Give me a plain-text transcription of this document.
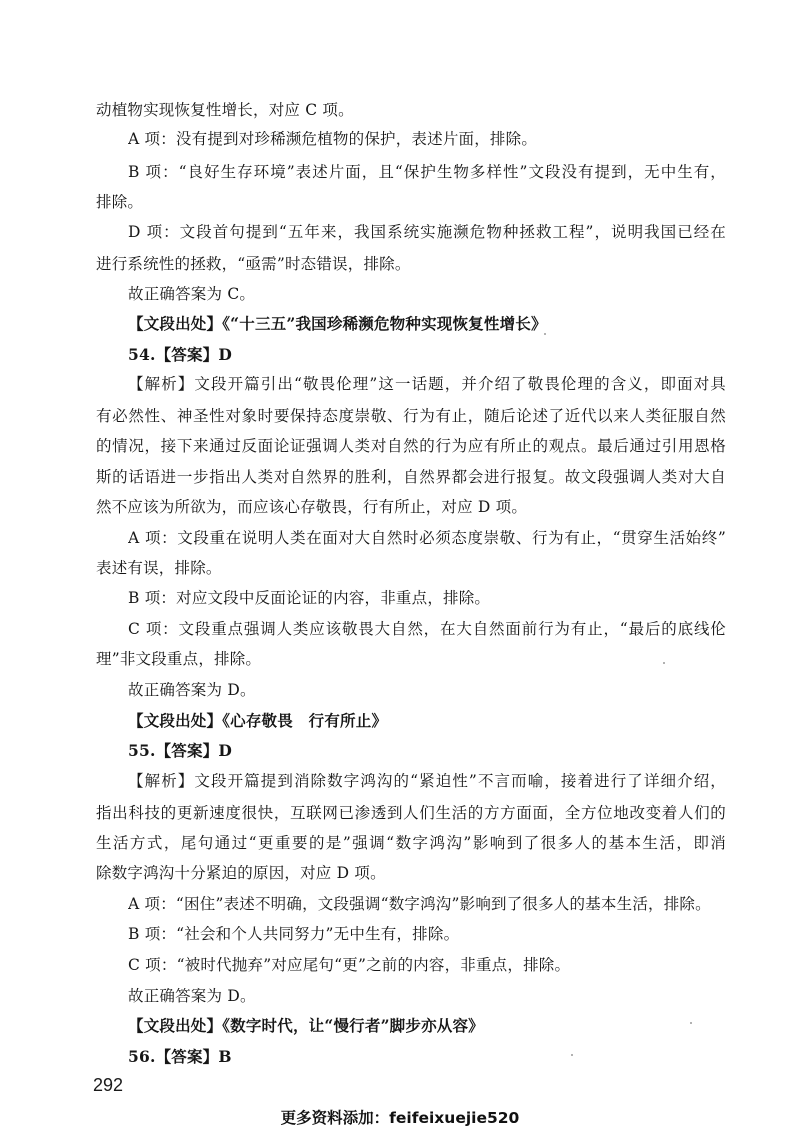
动植物实现恢复性增长，对应 C 项。
A 项：没有提到对珍稀濒危植物的保护，表述片面，排除。
B 项：“良好生存环境”表述片面，且“保护生物多样性”文段没有提到，无中生有，
排除。
D 项：文段首句提到“五年来，我国系统实施濒危物种拯救工程”，说明我国已经在
进行系统性的拯救，“亟需”时态错误，排除。
故正确答案为 C。
【文段出处】《“十三五”我国珍稀濒危物种实现恢复性增长》
54.【答案】D
【解析】文段开篇引出“敬畏伦理”这一话题，并介绍了敬畏伦理的含义，即面对具
有必然性、神圣性对象时要保持态度崇敬、行为有止，随后论述了近代以来人类征服自然
的情况，接下来通过反面论证强调人类对自然的行为应有所止的观点。最后通过引用恩格
斯的话语进一步指出人类对自然界的胜利，自然界都会进行报复。故文段强调人类对大自
然不应该为所欲为，而应该心存敬畏，行有所止，对应 D 项。
A 项：文段重在说明人类在面对大自然时必须态度崇敬、行为有止，“贯穿生活始终”
表述有误，排除。
B 项：对应文段中反面论证的内容，非重点，排除。
C 项：文段重点强调人类应该敬畏大自然，在大自然面前行为有止，“最后的底线伦
理”非文段重点，排除。
故正确答案为 D。
【文段出处】《心存敬畏　行有所止》
55.【答案】D
【解析】文段开篇提到消除数字鸿沟的“紧迫性”不言而喻，接着进行了详细介绍，
指出科技的更新速度很快，互联网已渗透到人们生活的方方面面，全方位地改变着人们的
生活方式，尾句通过“更重要的是”强调“数字鸿沟”影响到了很多人的基本生活，即消
除数字鸿沟十分紧迫的原因，对应 D 项。
A 项：“困住”表述不明确，文段强调“数字鸿沟”影响到了很多人的基本生活，排除。
B 项：“社会和个人共同努力”无中生有，排除。
C 项：“被时代抛弃”对应尾句“更”之前的内容，非重点，排除。
故正确答案为 D。
【文段出处】《数字时代，让“慢行者”脚步亦从容》
56.【答案】B
292
更多资料添加：feifeixuejie520
